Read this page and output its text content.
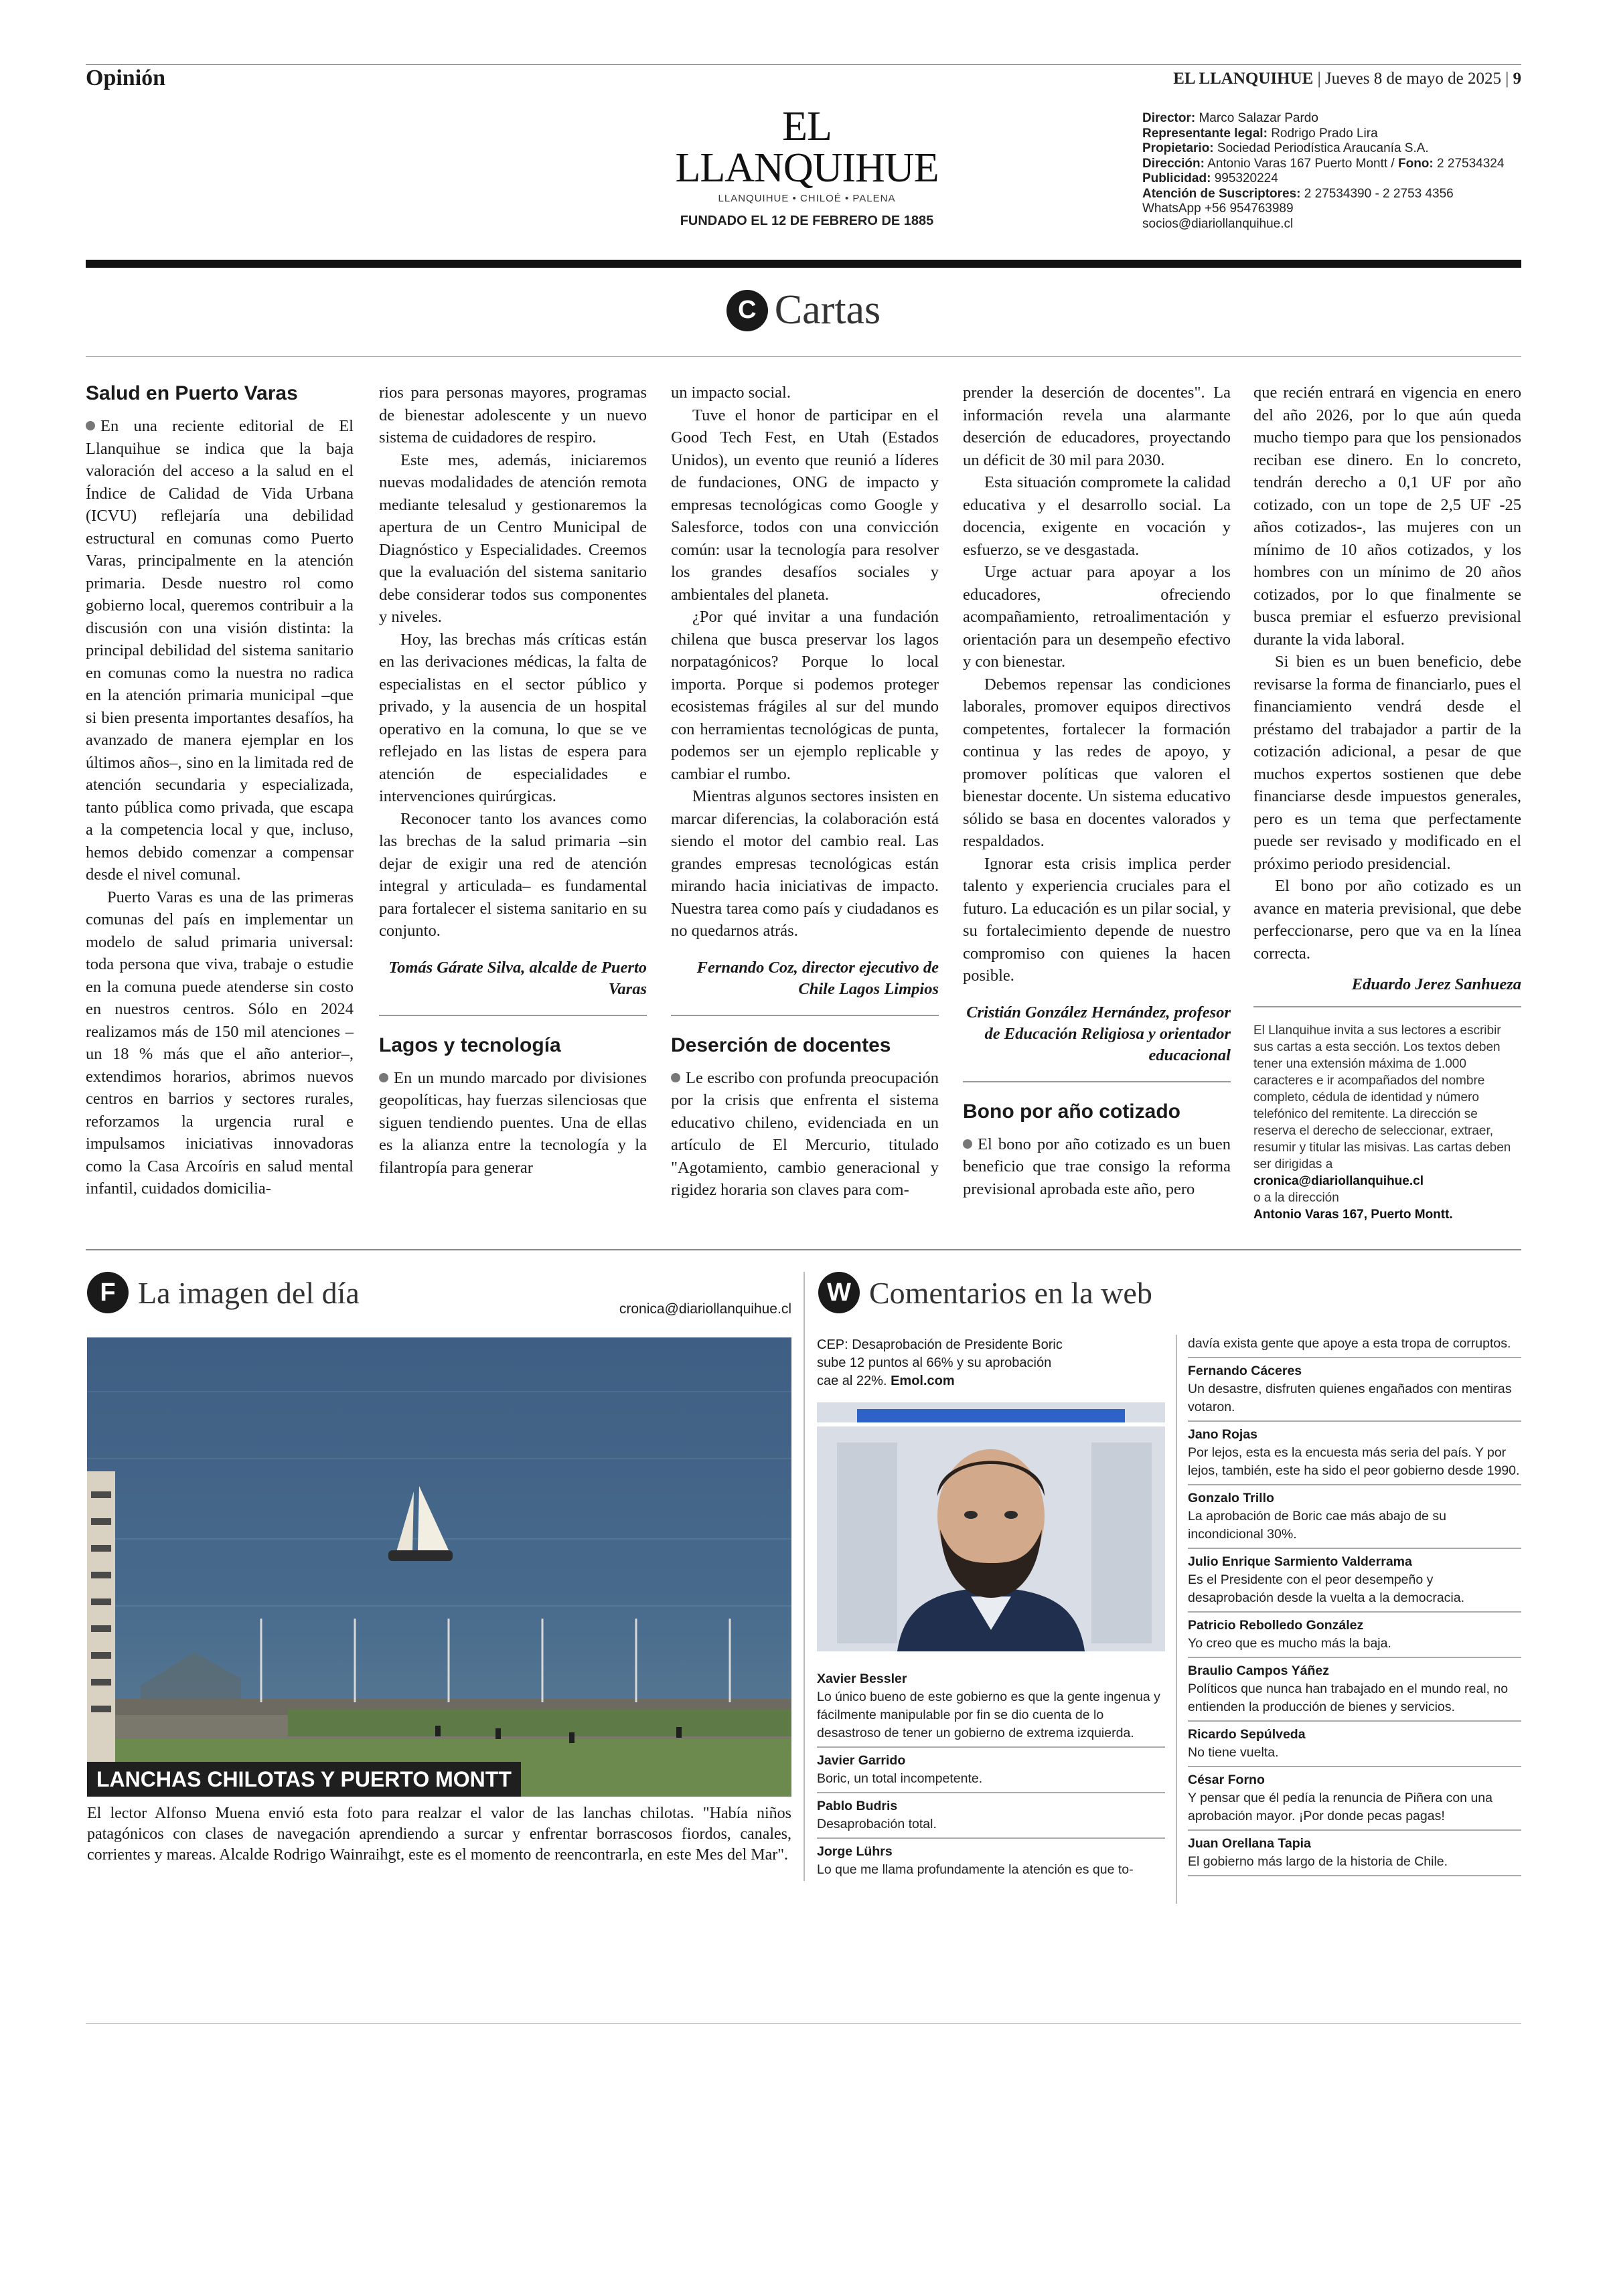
Opinión	EL LLANQUIHUE | Jueves 8 de mayo de 2025 | 9
EL LLANQUIHUE
LLANQUIHUE • CHILOÉ • PALENA
FUNDADO EL 12 DE FEBRERO DE 1885
Director: Marco Salazar Pardo
Representante legal: Rodrigo Prado Lira
Propietario: Sociedad Periodística Araucanía S.A.
Dirección: Antonio Varas 167 Puerto Montt / Fono: 2 27534324
Publicidad: 995320224
Atención de Suscriptores: 2 27534390 - 2 2753 4356
WhatsApp +56 954763989
socios@diariollanquihue.cl
C Cartas
Salud en Puerto Varas

En una reciente editorial de El Llanquihue se indica que la baja valoración del acceso a la salud en el Índice de Calidad de Vida Urbana (ICVU) reflejaría una debilidad estructural en comunas como Puerto Varas, principalmente en la atención primaria. Desde nuestro rol como gobierno local, queremos contribuir a la discusión con una visión distinta: la principal debilidad del sistema sanitario en comunas como la nuestra no radica en la atención primaria municipal –que si bien presenta importantes desafíos, ha avanzado de manera ejemplar en los últimos años–, sino en la limitada red de atención secundaria y especializada, tanto pública como privada, que escapa a la competencia local y que, incluso, hemos debido comenzar a compensar desde el nivel comunal.

Puerto Varas es una de las primeras comunas del país en implementar un modelo de salud primaria universal: toda persona que viva, trabaje o estudie en la comuna puede atenderse sin costo en nuestros centros. Sólo en 2024 realizamos más de 150 mil atenciones –un 18 % más que el año anterior–, extendimos horarios, abrimos nuevos centros en barrios y sectores rurales, reforzamos la urgencia rural e impulsamos iniciativas innovadoras como la Casa Arcoíris en salud mental infantil, cuidados domicilia-

rios para personas mayores, programas de bienestar adolescente y un nuevo sistema de cuidadores de respiro.

Este mes, además, iniciaremos nuevas modalidades de atención remota mediante telesalud y gestionaremos la apertura de un Centro Municipal de Diagnóstico y Especialidades. Creemos que la evaluación del sistema sanitario debe considerar todos sus componentes y niveles.

Hoy, las brechas más críticas están en las derivaciones médicas, la falta de especialistas en el sector público y privado, y la ausencia de un hospital operativo en la comuna, lo que se ve reflejado en las listas de espera para atención de especialidades e intervenciones quirúrgicas.

Reconocer tanto los avances como las brechas de la salud primaria –sin dejar de exigir una red de atención integral y articulada– es fundamental para fortalecer el sistema sanitario en su conjunto.

Tomás Gárate Silva, alcalde de Puerto Varas
Lagos y tecnología

En un mundo marcado por divisiones geopolíticas, hay fuerzas silenciosas que siguen tendiendo puentes. Una de ellas es la alianza entre la tecnología y la filantropía para generar

un impacto social.

Tuve el honor de participar en el Good Tech Fest, en Utah (Estados Unidos), un evento que reunió a líderes de fundaciones, ONG de impacto y empresas tecnológicas como Google y Salesforce, todos con una convicción común: usar la tecnología para resolver los grandes desafíos sociales y ambientales del planeta.

¿Por qué invitar a una fundación chilena que busca preservar los lagos norpatagónicos? Porque lo local importa. Porque si podemos proteger ecosistemas frágiles al sur del mundo con herramientas tecnológicas de punta, podemos ser un ejemplo replicable y cambiar el rumbo.

Mientras algunos sectores insisten en marcar diferencias, la colaboración está siendo el motor del cambio real. Las grandes empresas tecnológicas están mirando hacia iniciativas de impacto. Nuestra tarea como país y ciudadanos es no quedarnos atrás.

Fernando Coz, director ejecutivo de Chile Lagos Limpios
Deserción de docentes

Le escribo con profunda preocupación por la crisis que enfrenta el sistema educativo chileno, evidenciada en un artículo de El Mercurio, titulado "Agotamiento, cambio generacional y rigidez horaria son claves para com-

prender la deserción de docentes". La información revela una alarmante deserción de educadores, proyectando un déficit de 30 mil para 2030.

Esta situación compromete la calidad educativa y el desarrollo social. La docencia, exigente en vocación y esfuerzo, se ve desgastada.

Urge actuar para apoyar a los educadores, ofreciendo acompañamiento, retroalimentación y orientación para un desempeño efectivo y con bienestar.

Debemos repensar las condiciones laborales, promover equipos directivos competentes, fortalecer la formación continua y las redes de apoyo, y promover políticas que valoren el bienestar docente. Un sistema educativo sólido se basa en docentes valorados y respaldados.

Ignorar esta crisis implica perder talento y experiencia cruciales para el futuro. La educación es un pilar social, y su fortalecimiento depende de nuestro compromiso con quienes la hacen posible.

Cristián González Hernández, profesor de Educación Religiosa y orientador educacional
Bono por año cotizado

El bono por año cotizado es un buen beneficio que trae consigo la reforma previsional aprobada este año, pero

que recién entrará en vigencia en enero del año 2026, por lo que aún queda mucho tiempo para que los pensionados reciban ese dinero. En lo concreto, tendrán derecho a 0,1 UF por año cotizado, con un tope de 2,5 UF -25 años cotizados-, las mujeres con un mínimo de 10 años cotizados, y los hombres con un mínimo de 20 años cotizados, por lo que finalmente se busca premiar el esfuerzo previsional durante la vida laboral.

Si bien es un buen beneficio, debe revisarse la forma de financiarlo, pues el financiamiento vendrá desde el préstamo del trabajador a partir de la cotización adicional, a pesar de que muchos expertos sostienen que debe financiarse desde impuestos generales, pero es un tema que perfectamente puede ser revisado y modificado en el próximo periodo presidencial.

El bono por año cotizado es un avance en materia previsional, que debe perfeccionarse, pero que va en la línea correcta.

Eduardo Jerez Sanhueza
El Llanquihue invita a sus lectores a escribir sus cartas a esta sección. Los textos deben tener una extensión máxima de 1.000 caracteres e ir acompañados del nombre completo, cédula de identidad y número telefónico del remitente. La dirección se reserva el derecho de seleccionar, extraer, resumir y titular las misivas. Las cartas deben ser dirigidas a
cronica@diariollanquihue.cl
o a la dirección
Antonio Varas 167, Puerto Montt.
F La imagen del día	cronica@diariollanquihue.cl
LANCHAS CHILOTAS Y PUERTO MONTT
El lector Alfonso Muena envió esta foto para realzar el valor de las lanchas chilotas. "Había niños patagónicos con clases de navegación aprendiendo a surcar y enfrentar borrascosos fiordos, canales, corrientes y mareas. Alcalde Rodrigo Wainraihgt, este es el momento de reencontrarla, en este Mes del Mar".
W Comentarios en la web
CEP: Desaprobación de Presidente Boric sube 12 puntos al 66% y su aprobación cae al 22%. Emol.com
Xavier Bessler
Lo único bueno de este gobierno es que la gente ingenua y fácilmente manipulable por fin se dio cuenta de lo desastroso de tener un gobierno de extrema izquierda.
Javier Garrido
Boric, un total incompetente.
Pablo Budris
Desaprobación total.
Jorge Lührs
Lo que me llama profundamente la atención es que to-
davía exista gente que apoye a esta tropa de corruptos.
Fernando Cáceres
Un desastre, disfruten quienes engañados con mentiras votaron.
Jano Rojas
Por lejos, esta es la encuesta más seria del país. Y por lejos, también, este ha sido el peor gobierno desde 1990.
Gonzalo Trillo
La aprobación de Boric cae más abajo de su incondicional 30%.
Julio Enrique Sarmiento Valderrama
Es el Presidente con el peor desempeño y desaprobación desde la vuelta a la democracia.
Patricio Rebolledo González
Yo creo que es mucho más la baja.
Braulio Campos Yáñez
Políticos que nunca han trabajado en el mundo real, no entienden la producción de bienes y servicios.
Ricardo Sepúlveda
No tiene vuelta.
César Forno
Y pensar que él pedía la renuncia de Piñera con una aprobación mayor. ¡Por donde pecas pagas!
Juan Orellana Tapia
El gobierno más largo de la historia de Chile.
